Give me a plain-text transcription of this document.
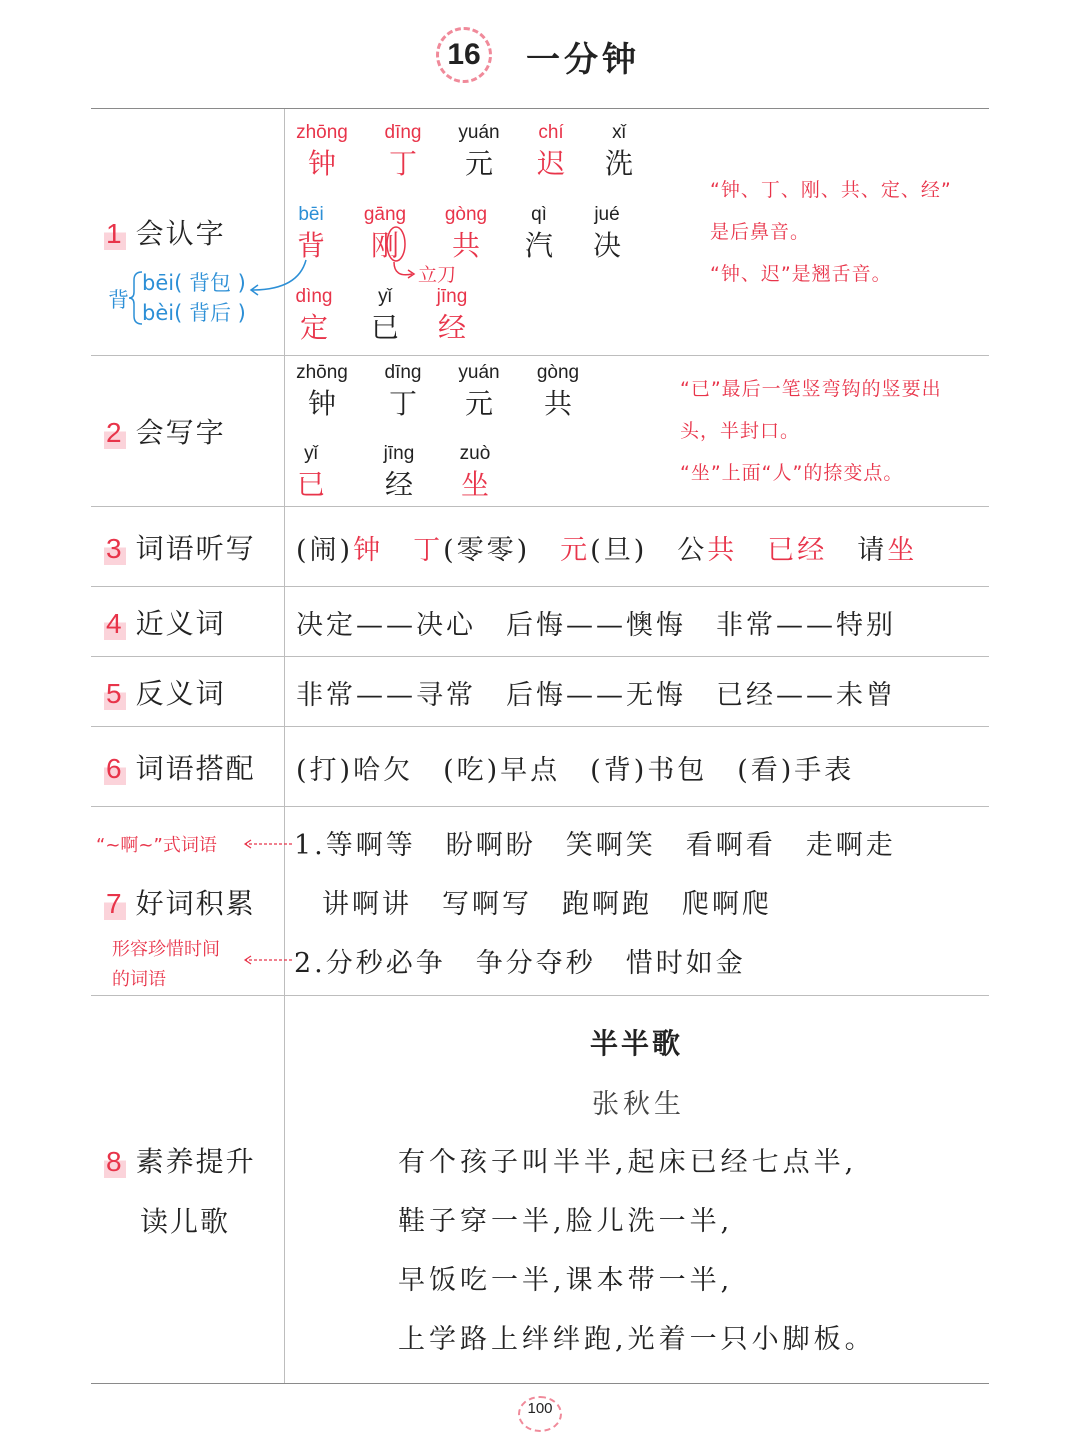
16	一分钟
1 会认字
2 会写字
3 词语听写
4 近义词
5 反义词
6 词语搭配
7 好词积累
8 素养提升
读儿歌
zhōng
钟
dīng
丁
yuán
元
chí
迟
xǐ
洗
bēi
背
gāng
刚
gòng
共
qì
汽
jué
决
dìng
定
yǐ
已
jīng
经
立刀
背
bēi( 背包 )
bèi( 背后 )
“钟、丁、刚、共、定、经”
是后鼻音。
“钟、迟”是翘舌音。
zhōng
钟
dīng
丁
yuán
元
gòng
共
yǐ
已
jīng
经
zuò
坐
“已”最后一笔竖弯钩的竖要出
头，半封口。
“坐”上面“人”的捺变点。
(闹)钟 丁(零零) 元(旦) 公共 已经 请坐
决定——决心 后悔——懊悔 非常——特别
非常——寻常 后悔——无悔 已经——未曾
(打)哈欠 (吃)早点 (背)书包 (看)手表
“~啊~”式词语	1.等啊等 盼啊盼 笑啊笑 看啊看 走啊走
讲啊讲 写啊写 跑啊跑 爬啊爬
形容珍惜时间
的词语
2.分秒必争 争分夺秒 惜时如金
半半歌
张秋生
有个孩子叫半半,起床已经七点半,
鞋子穿一半,脸儿洗一半,
早饭吃一半,课本带一半,
上学路上绊绊跑,光着一只小脚板。
100
